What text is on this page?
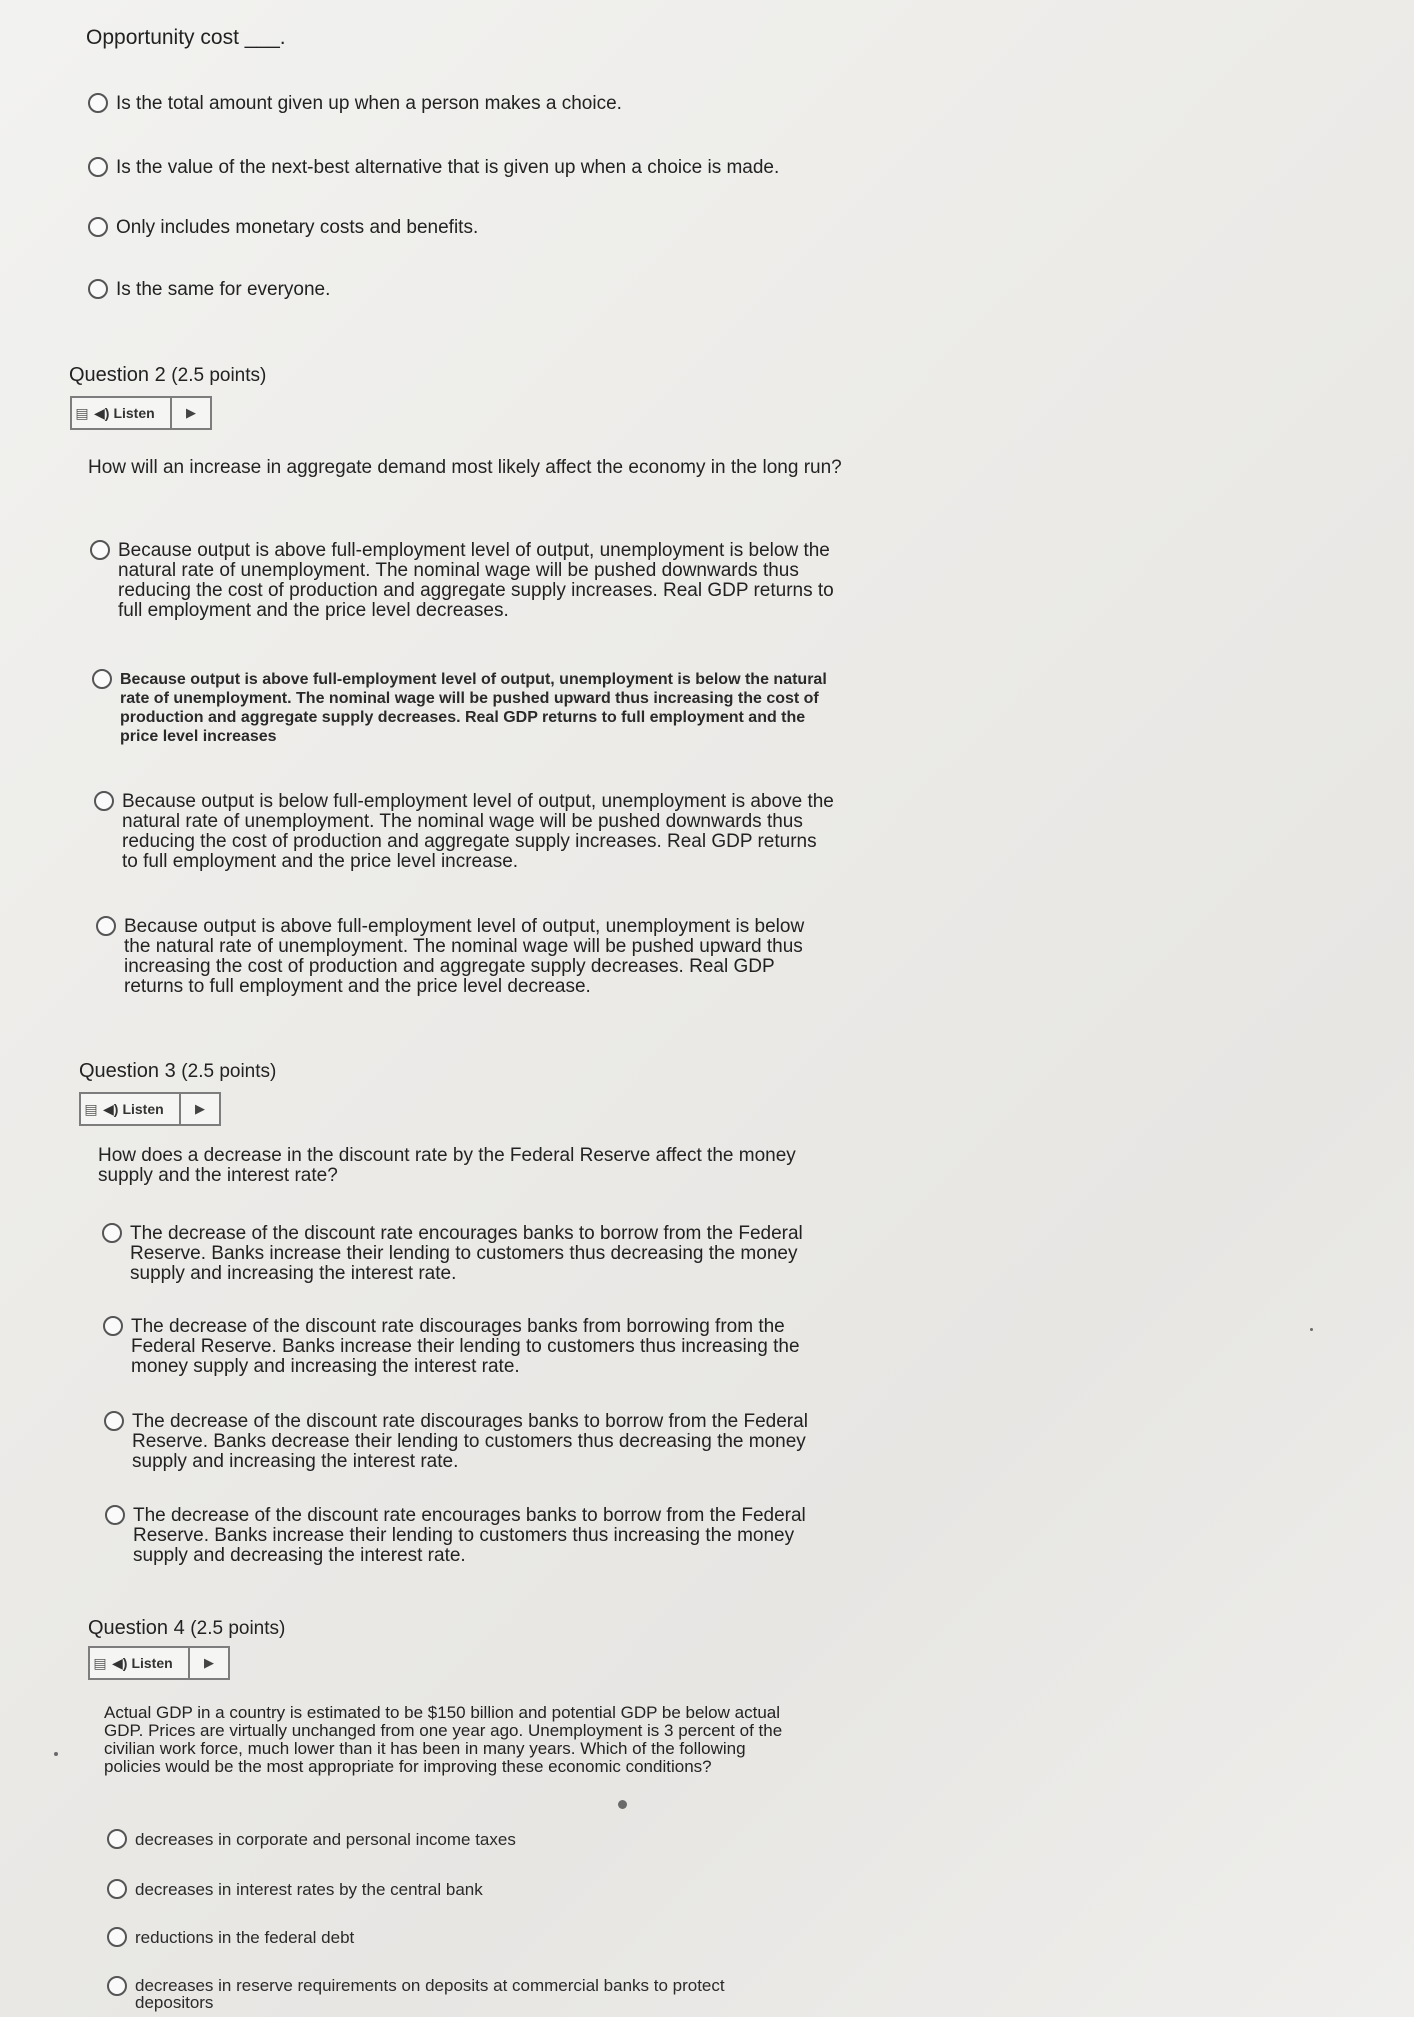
Opportunity cost ___.
Is the total amount given up when a person makes a choice.
Is the value of the next-best alternative that is given up when a choice is made.
Only includes monetary costs and benefits.
Is the same for everyone.
Question 2 (2.5 points)
▤ ◀) Listen	▶
How will an increase in aggregate demand most likely affect the economy in the long run?
Because output is above full-employment level of output, unemployment is below the natural rate of unemployment. The nominal wage will be pushed downwards thus reducing the cost of production and aggregate supply increases. Real GDP returns to full employment and the price level decreases.
Because output is above full-employment level of output, unemployment is below the natural rate of unemployment. The nominal wage will be pushed upward thus increasing the cost of production and aggregate supply decreases. Real GDP returns to full employment and the price level increases
Because output is below full-employment level of output, unemployment is above the natural rate of unemployment. The nominal wage will be pushed downwards thus reducing the cost of production and aggregate supply increases. Real GDP returns to full employment and the price level increase.
Because output is above full-employment level of output, unemployment is below the natural rate of unemployment. The nominal wage will be pushed upward thus increasing the cost of production and aggregate supply decreases. Real GDP returns to full employment and the price level decrease.
Question 3 (2.5 points)
▤ ◀) Listen	▶
How does a decrease in the discount rate by the Federal Reserve affect the money supply and the interest rate?
The decrease of the discount rate encourages banks to borrow from the Federal Reserve. Banks increase their lending to customers thus decreasing the money supply and increasing the interest rate.
The decrease of the discount rate discourages banks from borrowing from the Federal Reserve. Banks increase their lending to customers thus increasing the money supply and increasing the interest rate.
The decrease of the discount rate discourages banks to borrow from the Federal Reserve. Banks decrease their lending to customers thus decreasing the money supply and increasing the interest rate.
The decrease of the discount rate encourages banks to borrow from the Federal Reserve. Banks increase their lending to customers thus increasing the money supply and decreasing the interest rate.
Question 4 (2.5 points)
▤ ◀) Listen	▶
Actual GDP in a country is estimated to be $150 billion and potential GDP be below actual GDP. Prices are virtually unchanged from one year ago. Unemployment is 3 percent of the civilian work force, much lower than it has been in many years. Which of the following policies would be the most appropriate for improving these economic conditions?
decreases in corporate and personal income taxes
decreases in interest rates by the central bank
reductions in the federal debt
decreases in reserve requirements on deposits at commercial banks to protect depositors
